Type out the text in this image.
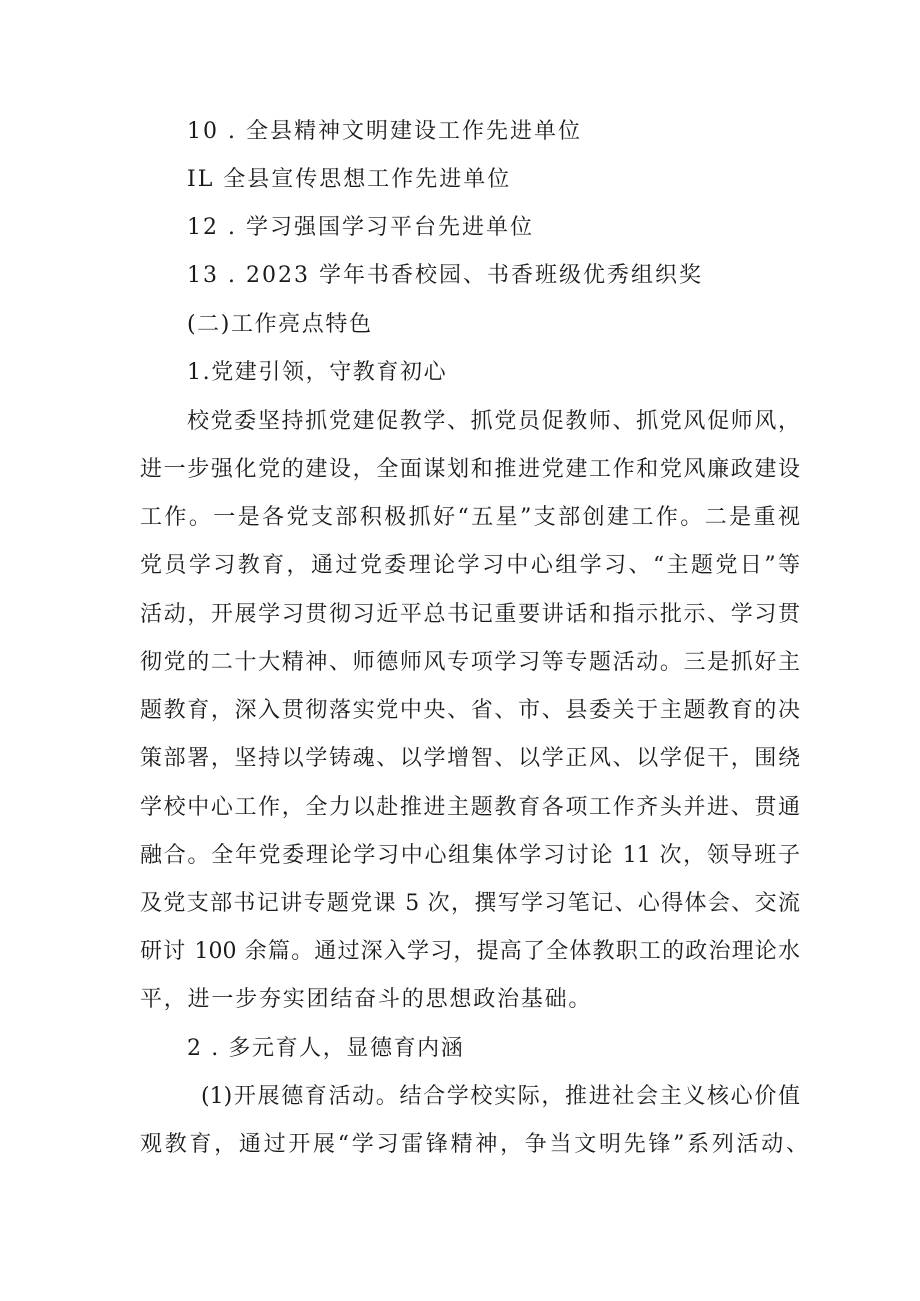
10 . 全县精神文明建设工作先进单位
IL 全县宣传思想工作先进单位
12 . 学习强国学习平台先进单位
13 . 2023 学年书香校园、书香班级优秀组织奖
(二)工作亮点特色
1.党建引领，守教育初心
校党委坚持抓党建促教学、抓党员促教师、抓党风促师风，
进一步强化党的建设，全面谋划和推进党建工作和党风廉政建设
工作。一是各党支部积极抓好“五星”支部创建工作。二是重视
党员学习教育，通过党委理论学习中心组学习、“主题党日”等
活动，开展学习贯彻习近平总书记重要讲话和指示批示、学习贯
彻党的二十大精神、师德师风专项学习等专题活动。三是抓好主
题教育，深入贯彻落实党中央、省、市、县委关于主题教育的决
策部署，坚持以学铸魂、以学增智、以学正风、以学促干，围绕
学校中心工作，全力以赴推进主题教育各项工作齐头并进、贯通
融合。全年党委理论学习中心组集体学习讨论 11 次，领导班子
及党支部书记讲专题党课 5 次，撰写学习笔记、心得体会、交流
研讨 100 余篇。通过深入学习，提高了全体教职工的政治理论水
平，进一步夯实团结奋斗的思想政治基础。
2 . 多元育人，显德育内涵
(1)开展德育活动。结合学校实际，推进社会主义核心价值
观教育，通过开展“学习雷锋精神，争当文明先锋”系列活动、
